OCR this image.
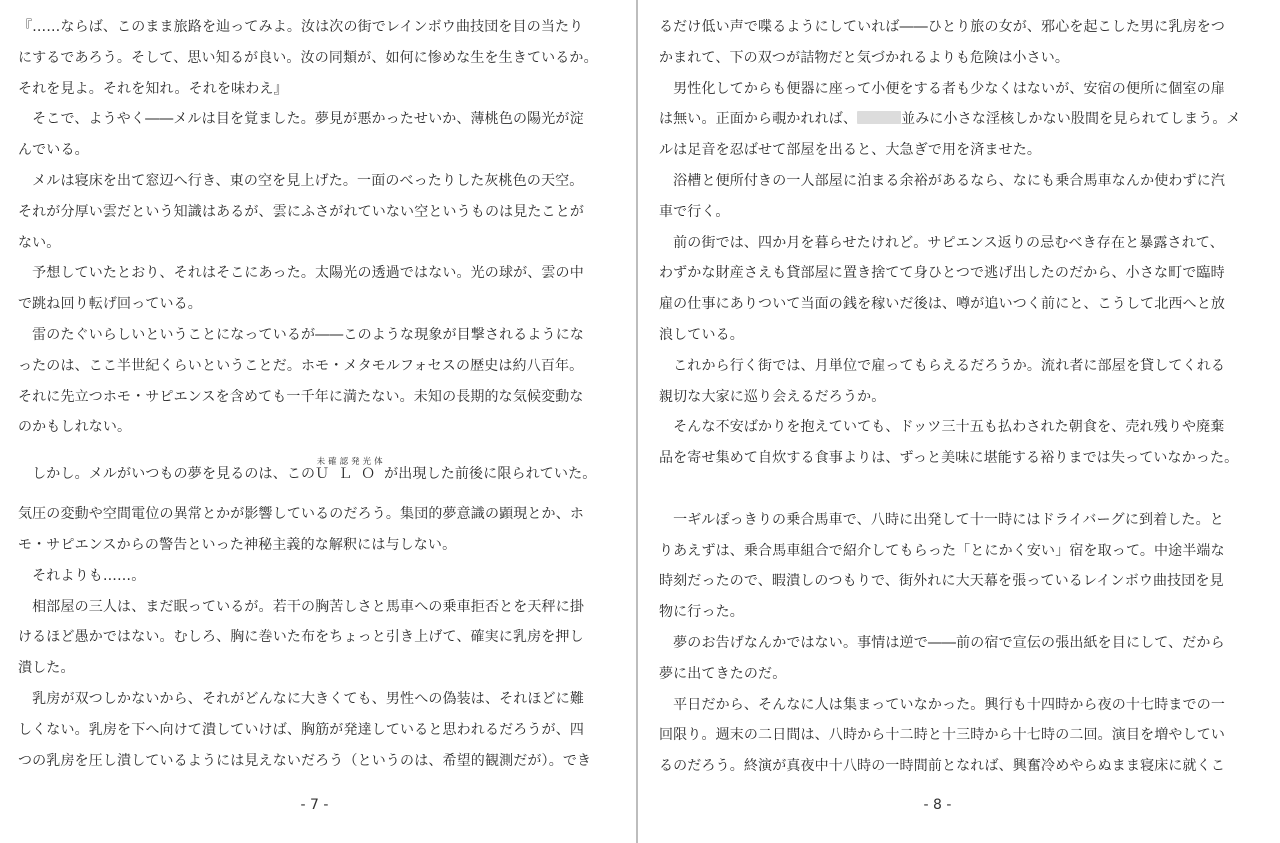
『……ならば、このまま旅路を辿ってみよ。汝は次の街でレインボウ曲技団を目の当たり

にするであろう。そして、思い知るが良い。汝の同類が、如何に惨めな生を生きているか。

それを見よ。それを知れ。それを味わえ』

　そこで、ようやく――メルは目を覚ました。夢見が悪かったせいか、薄桃色の陽光が淀

んでいる。

　メルは寝床を出て窓辺へ行き、東の空を見上げた。一面のべったりした灰桃色の天空。

それが分厚い雲だという知識はあるが、雲にふさがれていない空というものは見たことが

ない。

　予想していたとおり、それはそこにあった。太陽光の透過ではない。光の球が、雲の中

で跳ね回り転げ回っている。

　雷のたぐいらしいということになっているが――このような現象が目撃されるようにな

ったのは、ここ半世紀くらいということだ。ホモ・メタモルフォセスの歴史は約八百年。

それに先立つホモ・サピエンスを含めても一千年に満たない。未知の長期的な気候変動な

のかもしれない。

　しかし。メルがいつもの夢を見るのは、このＵＬＯ未確認発光体が出現した前後に限られていた。

気圧の変動や空間電位の異常とかが影響しているのだろう。集団的夢意識の顕現とか、ホ

モ・サピエンスからの警告といった神秘主義的な解釈には与しない。

　それよりも……。

　相部屋の三人は、まだ眠っているが。若干の胸苦しさと馬車への乗車拒否とを天秤に掛

けるほど愚かではない。むしろ、胸に巻いた布をちょっと引き上げて、確実に乳房を押し

潰した。

　乳房が双つしかないから、それがどんなに大きくても、男性への偽装は、それほどに難

しくない。乳房を下へ向けて潰していけば、胸筋が発達していると思われるだろうが、四

つの乳房を圧し潰しているようには見えないだろう（というのは、希望的観測だが）。でき

- 7 -

るだけ低い声で喋るようにしていれば――ひとり旅の女が、邪心を起こした男に乳房をつ

かまれて、下の双つが詰物だと気づかれるよりも危険は小さい。

　男性化してからも便器に座って小便をする者も少なくはないが、安宿の便所に個室の扉

は無い。正面から覗かれれば、	並みに小さな淫核しかない股間を見られてしまう。メ

ルは足音を忍ばせて部屋を出ると、大急ぎで用を済ませた。

　浴槽と便所付きの一人部屋に泊まる余裕があるなら、なにも乗合馬車なんか使わずに汽

車で行く。

　前の街では、四か月を暮らせたけれど。サピエンス返りの忌むべき存在と暴露されて、

わずかな財産さえも貸部屋に置き捨てて身ひとつで逃げ出したのだから、小さな町で臨時

雇の仕事にありついて当面の銭を稼いだ後は、噂が追いつく前にと、こうして北西へと放

浪している。

　これから行く街では、月単位で雇ってもらえるだろうか。流れ者に部屋を貸してくれる

親切な大家に巡り会えるだろうか。

　そんな不安ばかりを抱えていても、ドッツ三十五も払わされた朝食を、売れ残りや廃棄

品を寄せ集めて自炊する食事よりは、ずっと美味に堪能する裕りまでは失っていなかった。

　一ギルぽっきりの乗合馬車で、八時に出発して十一時にはドライバーグに到着した。と

りあえずは、乗合馬車組合で紹介してもらった「とにかく安い」宿を取って。中途半端な

時刻だったので、暇潰しのつもりで、街外れに大天幕を張っているレインボウ曲技団を見

物に行った。

　夢のお告げなんかではない。事情は逆で――前の宿で宣伝の張出紙を目にして、だから

夢に出てきたのだ。

　平日だから、そんなに人は集まっていなかった。興行も十四時から夜の十七時までの一

回限り。週末の二日間は、八時から十二時と十三時から十七時の二回。演目を増やしてい

るのだろう。終演が真夜中十八時の一時間前となれば、興奮冷めやらぬまま寝床に就くこ

- 8 -
